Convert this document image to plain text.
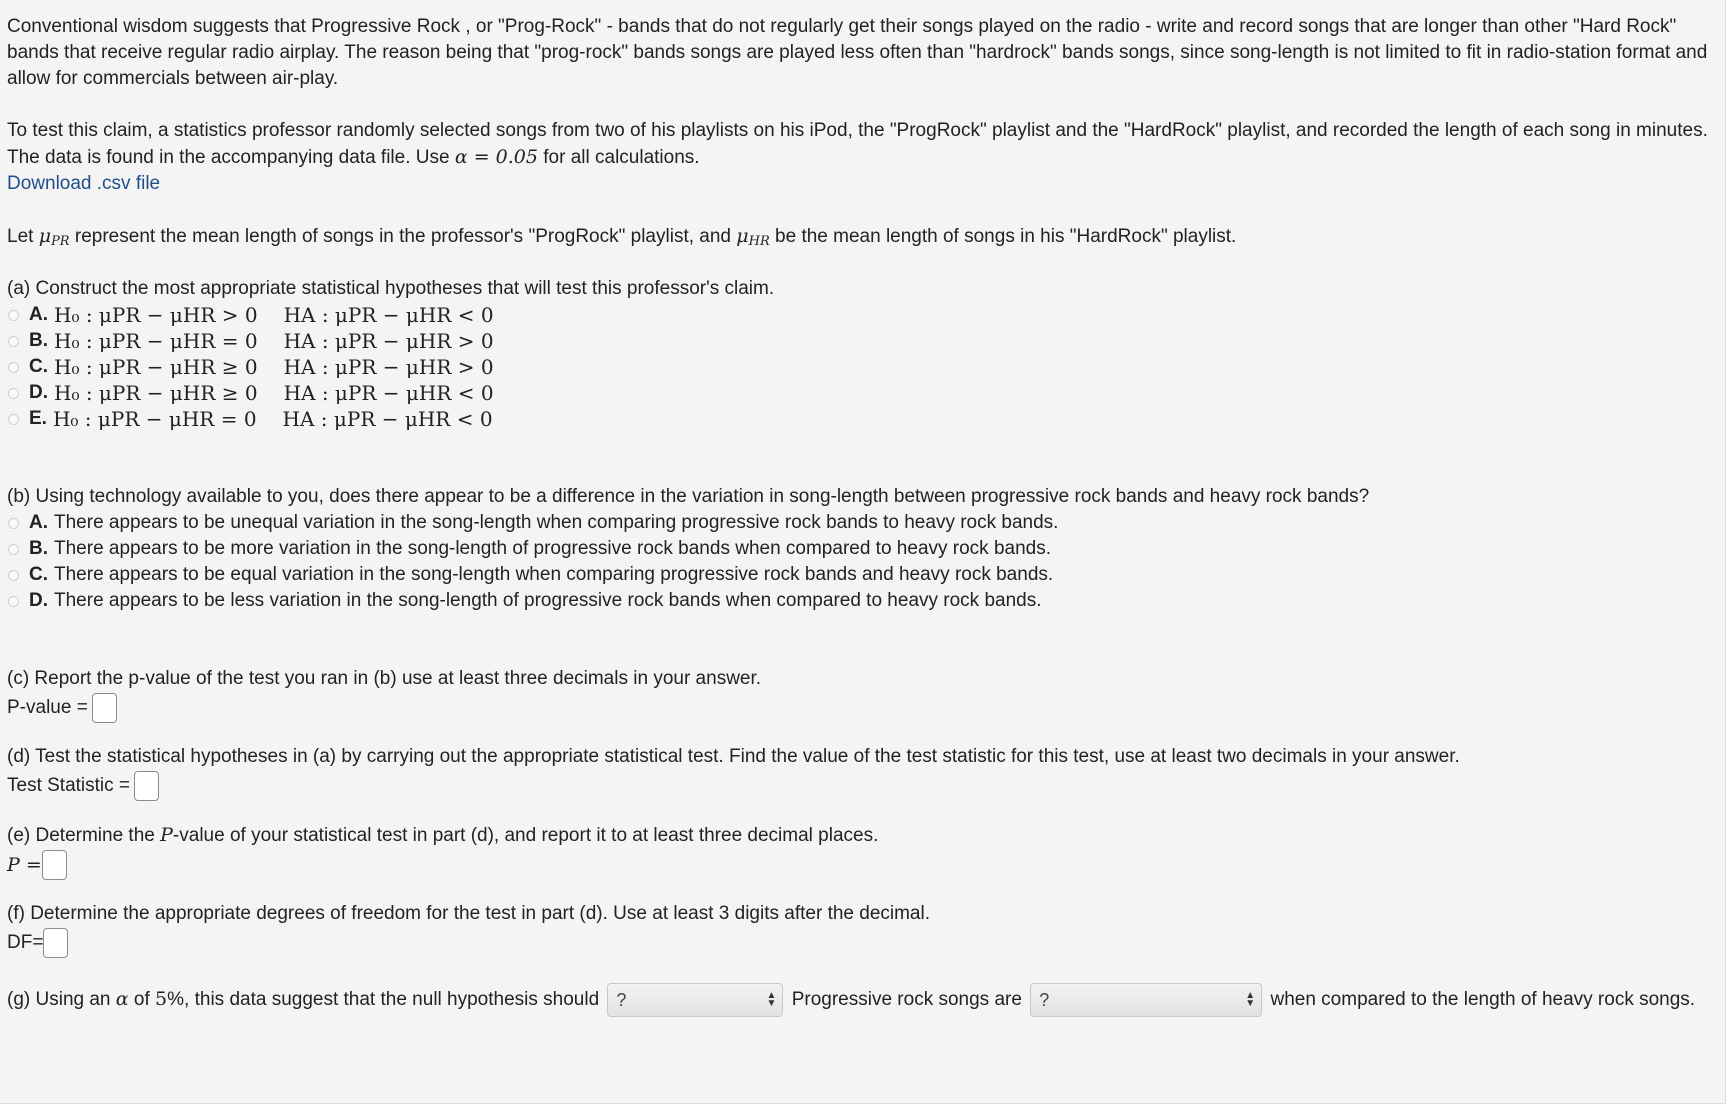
Conventional wisdom suggests that Progressive Rock , or "Prog-Rock" - bands that do not regularly get their songs played on the radio - write and record songs that are longer than other "Hard Rock" bands that receive regular radio airplay. The reason being that "prog-rock" bands songs are played less often than "hardrock" bands songs, since song-length is not limited to fit in radio-station format and allow for commercials between air-play.

To test this claim, a statistics professor randomly selected songs from two of his playlists on his iPod, the "ProgRock" playlist and the "HardRock" playlist, and recorded the length of each song in minutes.

The data is found in the accompanying data file. Use α = 0.05 for all calculations.

Download .csv file

Let $\mu_{PR}$ represent the mean length of songs in the professor's "ProgRock" playlist, and $\mu_{HR}$ be the mean length of songs in his "HardRock" playlist.

(a) Construct the most appropriate statistical hypotheses that will test this professor's claim.

A. H₀ : μPR − μHR > 0 HA : μPR − μHR < 0
B. H₀ : μPR − μHR = 0 HA : μPR − μHR > 0
C. H₀ : μPR − μHR ≥ 0 HA : μPR − μHR > 0
D. H₀ : μPR − μHR ≥ 0 HA : μPR − μHR < 0
E. H₀ : μPR − μHR = 0 HA : μPR − μHR < 0

(b) Using technology available to you, does there appear to be a difference in the variation in song-length between progressive rock bands and heavy rock bands?

A. There appears to be unequal variation in the song-length when comparing progressive rock bands to heavy rock bands.
B. There appears to be more variation in the song-length of progressive rock bands when compared to heavy rock bands.
C. There appears to be equal variation in the song-length when comparing progressive rock bands and heavy rock bands.
D. There appears to be less variation in the song-length of progressive rock bands when compared to heavy rock bands.

(c) Report the p-value of the test you ran in (b) use at least three decimals in your answer.

P-value =

(d) Test the statistical hypotheses in (a) by carrying out the appropriate statistical test. Find the value of the test statistic for this test, use at least two decimals in your answer.

Test Statistic =

(e) Determine the P-value of your statistical test in part (d), and report it to at least three decimal places.

P =

(f) Determine the appropriate degrees of freedom for the test in part (d). Use at least 3 digits after the decimal.

DF=

(g) Using an α of 5%, this data suggest that the null hypothesis should ?	▲
▼ Progressive rock songs are ?	▲
▼ when compared to the length of heavy rock songs.
